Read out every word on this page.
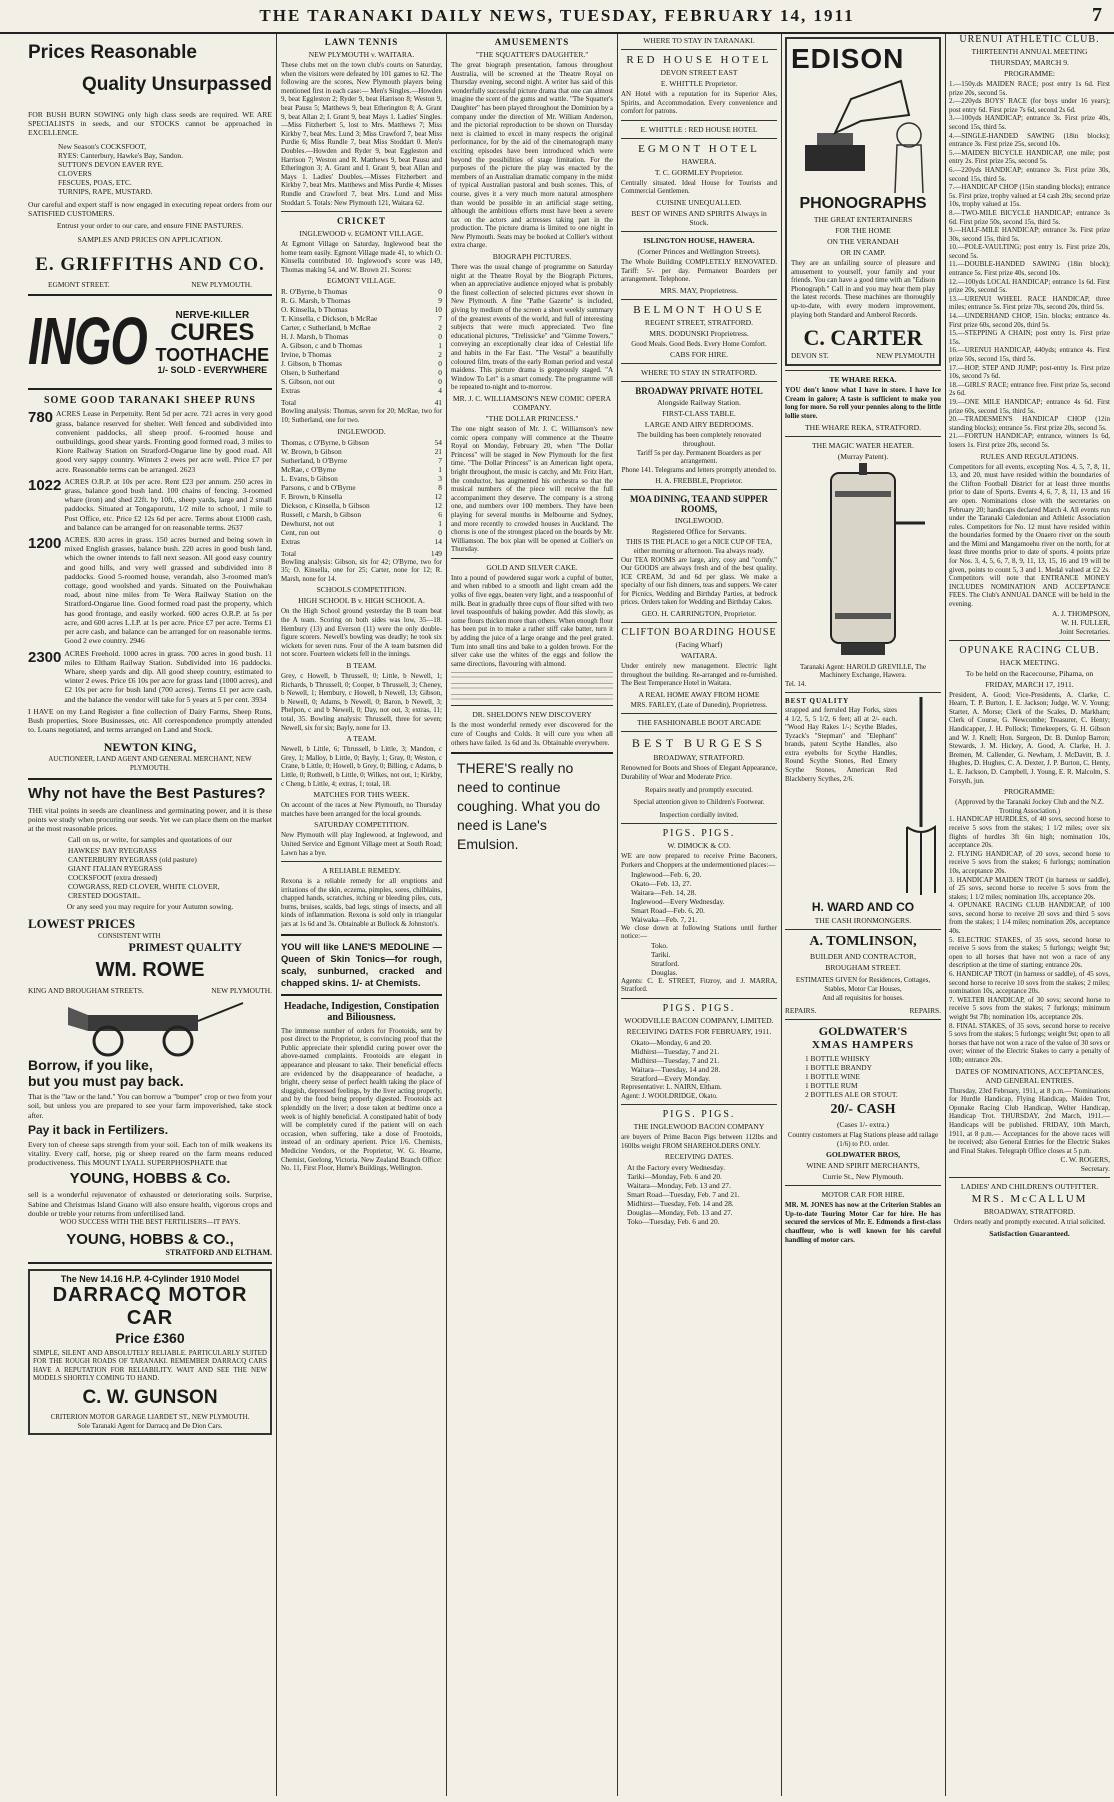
THE TARANAKI DAILY NEWS, TUESDAY, FEBRUARY 14, 1911	7
Prices Reasonable
Quality Unsurpassed

FOR BUSH BURN SOWING only high class seeds are required. WE ARE SPECIALISTS in seeds, and our STOCKS cannot be approached in EXCELLENCE.

New Season's COCKSFOOT,
RYES: Canterbury, Hawke's Bay, Sandon.
SUTTON'S DEVON EAVER RYE.
CLOVERS
FESCUES, POAS, ETC.
TURNIPS, RAPE, MUSTARD.

Our careful and expert staff is now engaged in executing repeat orders from our SATISFIED CUSTOMERS.

Entrust your order to our care, and ensure FINE PASTURES.

SAMPLES AND PRICES ON APPLICATION.

E. GRIFFITHS AND CO.
EGMONT STREET.	NEW PLYMOUTH.
INGO	NERVE-KILLER
CURES
TOOTHACHE
1/- SOLD - EVERYWHERE
SOME GOOD TARANAKI SHEEP RUNS
780 ACRES Lease in Perpetuity. Rent 5d per acre. 721 acres in very good grass, balance reserved for shelter. Well fenced and subdivided into convenient paddocks, all sheep proof. 6-roomed house and outbuildings, good shear yards. Fronting good formed road, 3 miles to Kiore Railway Station on Stratford-Ongarue line by good road. All good very sappy country. Winters 2 ewes per acre well. Price £7 per acre. Reasonable terms can be arranged. 2623

1022 ACRES O.R.P. at 10s per acre. Rent £23 per annum. 250 acres in grass, balance good bush land. 100 chains of fencing. 3-roomed whare (iron) and shed 22ft. by 10ft., sheep yards, large and 2 small paddocks. Situated at Tongaporutu, 1/2 mile to school, 1 mile to Post Office, etc. Price £2 12s 6d per acre. Terms about £1000 cash, and balance can be arranged for on reasonable terms. 2637

1200 ACRES. 830 acres in grass. 150 acres burned and being sown in mixed English grasses, balance bush. 220 acres in good bush land, which the owner intends to fall next season. All good easy country and good hills, and very well grassed and subdivided into 8 paddocks. Good 5-roomed house, verandah, also 3-roomed man's cottage, good woolshed and yards. Situated on the Pouiwhakau road, about nine miles from Te Wera Railway Station on the Stratford-Ongarue line. Good formed road past the property, which has good frontage, and easily worked. 600 acres O.R.P. at 5s per acre, and 600 acres L.I.P. at 1s per acre. Price £7 per acre. Terms £1 per acre cash, and balance can be arranged for on reasonable terms. Good 2 ewe country. 2946

2300 ACRES Freehold. 1000 acres in grass. 700 acres in good bush. 11 miles to Eltham Railway Station. Subdivided into 16 paddocks. Whare, sheep yards and dip. All good sheep country, estimated to winter 2 ewes. Price £6 10s per acre for grass land (1000 acres), and £2 10s per acre for bush land (700 acres). Terms £1 per acre cash, and the balance the vendor will take for 5 years at 5 per cent. 3934

I HAVE on my Land Register a fine collection of Dairy Farms, Sheep Runs, Bush properties, Store Businesses, etc. All correspondence promptly attended to. Loans negotiated, and terms arranged on Land and Stock.

NEWTON KING,

AUCTIONEER, LAND AGENT AND GENERAL MERCHANT, NEW PLYMOUTH.

Why not have the Best Pastures?

THE vital points in seeds are cleanliness and germinating power, and it is these points we study when procuring our seeds. Yet we can place them on the market at the most reasonable prices.

Call on us, or write, for samples and quotations of our

HAWKES' BAY RYEGRASS
CANTERBURY RYEGRASS (old pasture)
GIANT ITALIAN RYEGRASS
COCKSFOOT (extra dressed)
COWGRASS, RED CLOVER, WHITE CLOVER,
CRESTED DOGSTAIL.

Or any seed you may require for your Autumn sowing.

LOWEST PRICES
CONSISTENT WITH
PRIMEST QUALITY
WM. ROWE
KING AND BROUGHAM STREETS.	NEW PLYMOUTH.
Borrow, if you like,
but you must pay back.

That is the "law or the land." You can borrow a "bumper" crop or two from your soil, but unless you are prepared to see your farm impoverished, take stock after.

Pay it back in Fertilizers.

Every ton of cheese saps strength from your soil. Each ton of milk weakens its vitality. Every calf, horse, pig or sheep reared on the farm means reduced productiveness. This MOUNT LYALL SUPERPHOSPHATE that

YOUNG, HOBBS & Co.

sell is a wonderful rejuvenator of exhausted or deteriorating soils. Surprise, Sabine and Christmas Island Guano will also ensure health, vigorous crops and double or treble your returns from unfertilised land.

WOO SUCCESS WITH THE BEST FERTILISERS—IT PAYS.

YOUNG, HOBBS & CO.,
STRATFORD AND ELTHAM.
The New 14.16 H.P. 4-Cylinder 1910 Model
DARRACQ MOTOR CAR
Price £360

SIMPLE, SILENT AND ABSOLUTELY RELIABLE. PARTICULARLY SUITED FOR THE ROUGH ROADS OF TARANAKI. REMEMBER DARRACQ CARS HAVE A REPUTATION FOR RELIABILITY. WAIT AND SEE THE NEW MODELS SHORTLY COMING TO HAND.

C. W. GUNSON

CRITERION MOTOR GARAGE LIARDET ST., NEW PLYMOUTH.

Sole Taranaki Agent for Darracq and De Dion Cars.

LAWN TENNIS
NEW PLYMOUTH v. WAITARA.

These clubs met on the town club's courts on Saturday, when the visitors were defeated by 101 games to 62. The following are the scores, New Plymouth players being mentioned first in each case:— Men's Singles.—Howden 9, beat Eggleston 2; Ryder 9, beat Harrison 8; Weston 9, beat Pausu 5; Matthews 9, beat Etherington 8; A. Grant 9, beat Allan 2; I. Grant 9, beat Mays 1. Ladies' Singles.—Miss Fitzherbert 5, lost to Mrs. Matthews 7; Miss Kirkby 7, beat Mrs. Lund 3; Miss Crawford 7, beat Miss Purdie 6; Miss Rundle 7, beat Miss Stoddart 0. Men's Doubles.—Howden and Ryder 9, beat Eggleston and Harrison 7; Weston and R. Matthews 9, beat Pausu and Etherington 3; A. Grant and I. Grant 9, beat Allan and Mays 1. Ladies' Doubles.—Misses Fitzherbert and Kirkby 7, beat Mrs. Matthews and Miss Purdie 4; Misses Rundle and Crawford 7, beat Mrs. Lund and Miss Stoddart 5. Totals: New Plymouth 121, Waitara 62.

CRICKET
INGLEWOOD v. EGMONT VILLAGE.

At Egmont Village on Saturday, Inglewood beat the home team easily. Egmont Village made 41, to which O. Kinsella contributed 10. Inglewood's score was 149, Thomas making 54, and W. Brown 21. Scores:

EGMONT VILLAGE.
R. O'Byrne, b Thomas	0
R. G. Marsh, b Thomas	9
O. Kinsella, b Thomas	10
T. Kinsella, c Dickson, b McRae	7
Carter, c Sutherland, b McRae	2
H. J. Marsh, b Thomas	0
A. Gibson, c and b Thomas	1
Irvine, b Thomas	2
J. Gibson, b Thomas	0
Olsen, b Sutherland	0
S. Gibson, not out	0
Extras	4
Total	41

Bowling analysis: Thomas, seven for 20; McRae, two for 10; Sutherland, one for two.

INGLEWOOD.
Thomas, c O'Byrne, b Gibson	54
W. Brown, b Gibson	21
Sutherland, b O'Byrne	7
McRae, c O'Byrne	1
L. Evans, b Gibson	3
Parsons, c and b O'Byrne	8
F. Brown, b Kinsella	12
Dickson, c Kinsella, b Gibson	12
Russell, c Marsh, b Gibson	6
Dewhurst, not out	1
Cent, run out	0
Extras	14
Total	149

Bowling analysis: Gibson, six for 42; O'Byrne, two for 35; O. Kinsella, one for 25; Carter, none for 12; R. Marsh, none for 14.

SCHOOLS COMPETITION.
HIGH SCHOOL B v. HIGH SCHOOL A.

On the High School ground yesterday the B team beat the A team. Scoring on both sides was low, 35—18. Hembury (13) and Everson (11) were the only double-figure scorers. Newell's bowling was deadly; he took six wickets for seven runs. Four of the A team batsmen did not score. Fourteen wickets fell in the innings.

B TEAM.

Grey, c Howell, b Thrussell, 0; Little, b Newell, 1; Richards, b Thrussell, 0; Cooper, b Thrussell, 3; Cheney, b Newell, 1; Hembury, c Howell, b Newell, 13; Gibson, b Newell, 0; Adams, b Newell, 0; Baron, b Newell, 3; Phelpon, c and b Newell, 0; Day, not out, 3; extras, 11; total, 35. Bowling analysis: Thrussell, three for seven; Newell, six for six; Bayly, none for 13.

A TEAM.

Newell, b Little, 6; Thrussell, b Little, 3; Mandon, c Grey, 1; Malloy, b Little, 0; Bayly, 1; Gray, 0; Weston, c Crane, b Little, 0; Howell, b Grey, 0; Billing, c Adams, b Little, 0; Rothwell, b Little, 0; Wilkes, not out, 1; Kirkby, c Cheng, b Little, 4; extras, 1; total, 18.

MATCHES FOR THIS WEEK.

On account of the races at New Plymouth, no Thursday matches have been arranged for the local grounds.

SATURDAY COMPETITION.

New Plymouth will play Inglewood, at Inglewood, and United Service and Egmont Village meet at South Road; Lawn has a bye.

A RELIABLE REMEDY.

Rexona is a reliable remedy for all eruptions and irritations of the skin, eczema, pimples, sores, chilblains, chapped hands, scratches, itching or bleeding piles, cuts, burns, bruises, scalds, bad legs, stings of insects, and all kinds of inflammation. Rexona is sold only in triangular jars at 1s 6d and 3s. Obtainable at Bullock & Johnston's.

YOU will like LANE'S MEDOLINE — Queen of Skin Tonics—for rough, scaly, sunburned, cracked and chapped skins. 1/- at Chemists.

Headache, Indigestion, Constipation and Biliousness.

The immense number of orders for Frootoids, sent by post direct to the Proprietor, is convincing proof that the Public appreciate their splendid curing power over the above-named complaints. Frootoids are elegant in appearance and pleasant to take. Their beneficial effects are evidenced by the disappearance of headache, a bright, cheery sense of perfect health taking the place of sluggish, depressed feelings, by the liver acting properly, and by the food being properly digested. Frootoids act splendidly on the liver; a dose taken at bedtime once a week is of highly beneficial. A constipated habit of body will be completely cured if the patient will on each occasion, when suffering, take a dose of Frootoids, instead of an ordinary aperient. Price 1/6. Chemists, Medicine Vendors, or the Proprietor, W. G. Hearne, Chemist, Geelong, Victoria. New Zealand Branch Office: No. 11, First Floor, Hume's Buildings, Wellington.

AMUSEMENTS
"THE SQUATTER'S DAUGHTER."

The great biograph presentation, famous throughout Australia, will be screened at the Theatre Royal on Thursday evening, second night. A writer has said of this wonderfully successful picture drama that one can almost imagine the scent of the gums and wattle. "The Squatter's Daughter" has been played throughout the Dominion by a company under the direction of Mr. William Anderson, and the pictorial reproduction to be shown on Thursday next is claimed to excel in many respects the original performance, for by the aid of the cinematograph many exciting episodes have been introduced which were beyond the possibilities of stage limitation. For the purposes of the picture the play was enacted by the members of an Australian dramatic company in the midst of typical Australian pastoral and bush scenes. This, of course, gives it a very much more natural atmosphere than would be possible in an artificial stage setting, although the ambitious efforts must have been a severe tax on the actors and actresses taking part in the production. The picture drama is limited to one night in New Plymouth. Seats may be booked at Collier's without extra charge.

BIOGRAPH PICTURES.

There was the usual change of programme on Saturday night at the Theatre Royal by the Biograph Pictures, when an appreciative audience enjoyed what is probably the finest collection of selected pictures ever shown in New Plymouth. A fine "Pathe Gazette" is included, giving by medium of the screen a short weekly summary of the greatest events of the world, and full of interesting subjects that were much appreciated. Two fine educational pictures, "Trelissicke" and "Gimme Towers," conveying an exceptionally clear idea of Celestial life and habits in the Far East. "The Vestal" a beautifully coloured film, treats of the early Roman period and vestal maidens. This picture drama is gorgeously staged. "A Window To Let" is a smart comedy. The programme will be repeated to-night and to-morrow.

MR. J. C. WILLIAMSON'S NEW COMIC OPERA COMPANY.
"THE DOLLAR PRINCESS."

The one night season of Mr. J. C. Williamson's new comic opera company will commence at the Theatre Royal on Monday, February 20, when "The Dollar Princess" will be staged in New Plymouth for the first time. "The Dollar Princess" is an American light opera, bright throughout, the music is catchy, and Mr. Fritz Hart, the conductor, has augmented his orchestra so that the musical numbers of the piece will receive the full accompaniment they deserve. The company is a strong one, and numbers over 100 members. They have been playing for several months in Melbourne and Sydney, and more recently to crowded houses in Auckland. The chorus is one of the strongest placed on the boards by Mr. Williamson. The box plan will be opened at Collier's on Thursday.

GOLD AND SILVER CAKE.

Into a pound of powdered sugar work a cupful of butter, and when rubbed to a smooth and light cream add the yolks of five eggs, beaten very light, and a teaspoonful of milk. Beat in gradually three cups of flour sifted with two level teaspoonfuls of baking powder. Add this slowly, as some flours thicken more than others. When enough flour has been put in to make a rather stiff cake batter, turn it by adding the juice of a large orange and the peel grated. Turn into small tins and bake to a golden brown. For the silver cake use the whites of the eggs and follow the same directions, flavouring with almond.

DR. SHELDON'S NEW DISCOVERY

Is the most wonderful remedy ever discovered for the cure of Coughs and Colds. It will cure you when all others have failed. 1s 6d and 3s. Obtainable everywhere.

THERE'S really no need to continue coughing. What you do need is Lane's Emulsion.

WHERE TO STAY IN TARANAKI.
RED HOUSE HOTEL
DEVON STREET EAST
E. WHITTLE Proprietor.

AN Hotel with a reputation for its Superior Ales, Spirits, and Accommodation. Every convenience and comfort for patrons.

E. WHITTLE : RED HOUSE HOTEL
EGMONT HOTEL
HAWERA.
T. C. GORMLEY Proprietor.

Centrally situated. Ideal House for Tourists and Commercial Gentlemen.

CUISINE UNEQUALLED.
BEST OF WINES AND SPIRITS Always in Stock.
ISLINGTON HOUSE, HAWERA.
(Corner Princes and Wellington Streets).

The Whole Building COMPLETELY RENOVATED. Tariff: 5/- per day. Permanent Boarders per arrangement. Telephone.

MRS. MAY, Proprietress.
BELMONT HOUSE
REGENT STREET, STRATFORD.
MRS. DODUNSKI Proprietress.

Good Meals. Good Beds. Every Home Comfort.

CABS FOR HIRE.
WHERE TO STAY IN STRATFORD.
BROADWAY PRIVATE HOTEL
Alongside Railway Station.
FIRST-CLASS TABLE.
LARGE AND AIRY BEDROOMS.

The building has been completely renovated throughout.

Tariff 5s per day. Permanent Boarders as per arrangement.

Phone 141. Telegrams and letters promptly attended to.

H. A. FREBBLE, Proprietor.
MOA DINING, TEA AND SUPPER ROOMS,
INGLEWOOD.
Registered Office for Servants.

THIS IS THE PLACE to get a NICE CUP OF TEA, either morning or afternoon. Tea always ready.

Our TEA ROOMS are large, airy, cosy and "comfy." Our GOODS are always fresh and of the best quality. ICE CREAM, 3d and 6d per glass. We make a specialty of our fish dinners, teas and suppers. We cater for Picnics, Wedding and Birthday Parties, at bedrock prices. Orders taken for Wedding and Birthday Cakes.

GEO. H. CARRINGTON, Proprietor.
CLIFTON BOARDING HOUSE
(Facing Wharf)
WAITARA.

Under entirely new management. Electric light throughout the building. Re-arranged and re-furnished. The Best Temperance Hotel in Waitara.

A REAL HOME AWAY FROM HOME

MRS. FARLEY, (Late of Dunedin), Proprietress.

THE FASHIONABLE BOOT ARCADE
BEST BURGESS
BROADWAY, STRATFORD.

Renowned for Boots and Shoes of Elegant Appearance, Durability of Wear and Moderate Price.

Repairs neatly and promptly executed.

Special attention given to Children's Footwear.

Inspection cordially invited.

PIGS. PIGS.
W. DIMOCK & CO.

WE are now prepared to receive Prime Baconers, Porkers and Choppers at the undermentioned places:—

Inglewood—Feb. 6, 20.
Okato—Feb. 13, 27.
Waitara—Feb. 14, 28.
Inglewood—Every Wednesday.
Smart Road—Feb. 6, 20.
Waiwaka—Feb. 7, 21.

We close down at following Stations until further notice:—

Toko.
Tariki.
Stratford.
Douglas.

Agents: C. E. STREET, Fitzroy, and J. MARRA, Stratford.

PIGS. PIGS.
WOODVILLE BACON COMPANY, LIMITED.
RECEIVING DATES FOR FEBRUARY, 1911.
Okato—Monday, 6 and 20.
Midhirst—Tuesday, 7 and 21.
Midhirst—Tuesday, 7 and 21.
Waitara—Tuesday, 14 and 28.
Stratford—Every Monday.

Representative: L. NAIRN, Eltham.

Agent: J. WOOLDRIDGE, Okato.

PIGS. PIGS.
THE INGLEWOOD BACON COMPANY

are buyers of Prime Bacon Pigs between 112lbs and 160lbs weight FROM SHAREHOLDERS ONLY.

RECEIVING DATES.
At the Factory every Wednesday.
Tariki—Monday, Feb. 6 and 20.
Waitara—Monday, Feb. 13 and 27.
Smart Road—Tuesday, Feb. 7 and 21.
Midhirst—Tuesday, Feb. 14 and 28.
Douglas—Monday, Feb. 13 and 27.
Toko—Tuesday, Feb. 6 and 20.
EDISON
PHONOGRAPHS
THE GREAT ENTERTAINERS
FOR THE HOME
ON THE VERANDAH
OR IN CAMP.

They are an unfailing source of pleasure and amusement to yourself, your family and your friends. You can have a good time with an "Edison Phonograph." Call in and you may hear them play the latest records. These machines are thoroughly up-to-date, with every modern improvement, playing both Standard and Amberol Records.

C. CARTER
DEVON ST.	NEW PLYMOUTH
TE WHARE REKA.

YOU don't know what I have in store. I have Ice Cream in galore; A taste is sufficient to make you long for more. So roll your pennies along to the little lollie store.

THE WHARE REKA, STRATFORD.
THE MAGIC WATER HEATER.
(Murray Patent).

Taranaki Agent: HAROLD GREVILLE, The Machinery Exchange, Hawera.

Tel. 14.
BEST QUALITY

strapped and ferruled Hay Forks, sizes 4 1/2, 5, 5 1/2, 6 feet; all at 2/- each. "Wood Hay Rakes 1/-; Scythe Blades, Tyzack's "Stepman" and "Elephant" brands, patent Scythe Handles, also extra eyebolts for Scythe Handles, Round Scythe Stones, Red Emery Scythe Stones, American Red Blackberry Scythes, 2/6.

H. WARD AND CO
THE CASH IRONMONGERS.
A. TOMLINSON,
BUILDER AND CONTRACTOR,
BROUGHAM STREET.

ESTIMATES GIVEN for Residences, Cottages, Stables, Motor Car Houses,

And all requisites for houses.

REPAIRS.	REPAIRS.
GOLDWATER'S
XMAS HAMPERS
1 BOTTLE WHISKY
1 BOTTLE BRANDY
1 BOTTLE WINE
1 BOTTLE RUM
2 BOTTLES ALE OR STOUT.
20/- CASH
(Cases 1/- extra.)

Country customers at Flag Stations please add railage (1/6) to P.O. order.

GOLDWATER BROS,
WINE AND SPIRIT MERCHANTS,
Currie St., New Plymouth.
MOTOR CAR FOR HIRE.

MR. M. JONES has now at the Criterion Stables an Up-to-date Touring Motor Car for hire. He has secured the services of Mr. E. Edmonds a first-class chauffeur, who is well known for his careful handling of motor cars.

URENUI ATHLETIC CLUB.
THIRTEENTH ANNUAL MEETING
THURSDAY, MARCH 9.
PROGRAMME:

1.—150y.ds MAIDEN RACE; post entry 1s 6d. First prize 20s, second 5s.

2.—220yds BOYS' RACE (for boys under 16 years); post entry 6d. First prize 7s 6d, second 2s 6d.

3.—100yds HANDICAP; entrance 3s. First prize 40s, second 15s, third 5s.

4.—SINGLE-HANDED SAWING (18in blocks); entrance 3s. First prize 25s, second 10s.

5.—MAIDEN BICYCLE HANDICAP, one mile; post entry 2s. First prize 25s, second 5s.

6.—220yds HANDICAP; entrance 3s. First prize 30s, second 15s, third 5s.

7.—HANDICAP CHOP (15in standing blocks); entrance 5s. First prize, trophy valued at £4 cash 20s; second prize 10s, trophy valued at 15s.

8.—TWO-MILE BICYCLE HANDICAP; entrance 3s 6d. First prize 50s, second 15s, third 5s.

9.—HALF-MILE HANDICAP; entrance 3s. First prize 30s, second 15s, third 5s.

10.—POLE-VAULTING; post entry 1s. First prize 20s, second 5s.

11.—DOUBLE-HANDED SAWING (18in block); entrance 5s. First prize 40s, second 10s.

12.—100yds LOCAL HANDICAP; entrance 1s 6d. First prize 20s, second 5s.

13.—URENUI WHEEL RACE HANDICAP, three miles; entrance 5s. First prize 70s, second 20s, third 5s.

14.—UNDERHAND CHOP, 15in. blocks; entrance 4s. First prize 60s, second 20s, third 5s.

15.—STEPPING A CHAIN; post entry 1s. First prize 15s.

16.—URENUI HANDICAP, 440yds; entrance 4s. First prize 50s, second 15s, third 5s.

17.—HOP, STEP AND JUMP; post-entry 1s. First prize 10s, second 7s 6d.

18.—GIRLS' RACE; entrance free. First prize 5s, second 2s 6d.

19.—ONE MILE HANDICAP; entrance 4s 6d. First prize 60s, second 15s, third 5s.

20.—TRADESMEN'S HANDICAP CHOP (12in standing blocks); entrance 5s. First prize 20s, second 5s.

21.—FORTUN HANDICAP; entrance, winners 1s 6d, losers 1s. First prize 20s, second 5s.

RULES AND REGULATIONS.

Competitors for all events, excepting Nos. 4, 5, 7, 8, 11, 13, and 20, must have resided within the boundaries of the Clifton Football District for at least three months prior to date of Sports. Events 4, 6, 7, 8, 11, 13 and 16 are open. Nominations close with the secretaries on February 20; handicaps declared March 4. All events run under the Taranaki Caledonian and Athletic Association rules. Competitors for No. 12 must have resided within the boundaries formed by the Onaero river on the south and the Mimi and Mangamoehu river on the north, for at least three months prior to date of sports. 4 points prize for Nos. 3, 4, 5, 6, 7, 8, 9, 11, 13, 15, 16 and 19 will be given, points to count 5, 3 and 1. Medal valued at £2 2s. Competitors will note that ENTRANCE MONEY INCLUDES NOMINATION AND ACCEPTANCE FEES. The Club's ANNUAL DANCE will be held in the evening.

A. J. THOMPSON,
W. H. FULLER,
Joint Secretaries.
OPUNAKE RACING CLUB.
HACK MEETING.
To be held on the Racecourse, Pihama, on
FRIDAY, MARCH 17, 1911.

President, A. Good; Vice-Presidents, A. Clarke, C. Hearn, T. P. Burton, I. E. Jackson; Judge, W. V. Young; Starter, A. Morse; Clerk of the Scales, D. Markham; Clerk of Course, G. Newcombe; Treasurer, C. Henty; Handicapper, J. H. Pollock; Timekeepers, G. H. Gibson and W. J. Knell; Hon. Surgeon, Dr. B. Dunlop Barron; Stewards, J. M. Hickey, A. Good, A. Clarke, H. J. Bremen, M. Callender, G. Newham, J. McDavitt, B. J. Hughes, D. Hughes, C. A. Dexter, J. P. Burton, C. Henty, L. E. Jackson, D. Campbell, J. Young, E. R. Malcolm, S. Forsyth, jun.

PROGRAMME:

(Approved by the Taranaki Jockey Club and the N.Z. Trotting Association.)

1. HANDICAP HURDLES, of 40 sovs, second horse to receive 5 sovs from the stakes; 1 1/2 miles; over six flights of hurdles 3ft 6in high; nomination 10s, acceptance 20s.

2. FLYING HANDICAP, of 20 sovs, second horse to receive 5 sovs from the stakes; 6 furlongs; nomination 10s, acceptance 20s.

3. HANDICAP MAIDEN TROT (in harness or saddle), of 25 sovs, second horse to receive 5 sovs from the stakes; 1 1/2 miles; nomination 10s, acceptance 20s.

4. OPUNAKE RACING CLUB HANDICAP, of 100 sovs, second horse to receive 20 sovs and third 5 sovs from the stakes; 1 1/4 miles; nomination 20s, acceptance 40s.

5. ELECTRIC STAKES, of 35 sovs, second horse to receive 5 sovs from the stakes; 5 furlongs; weight 9st; open to all horses that have not won a race of any description at the time of starting; entrance 20s.

6. HANDICAP TROT (in harness or saddle), of 45 sovs, second horse to receive 10 sovs from the stakes; 2 miles; nomination 10s, acceptance 20s.

7. WELTER HANDICAP, of 30 sovs; second horse to receive 5 sovs from the stakes; 7 furlongs; minimum weight 9st 7lb; nomination 10s, acceptance 20s.

8. FINAL STAKES, of 35 sovs, second horse to receive 5 sovs from the stakes; 5 furlongs; weight 9st; open to all horses that have not won a race of the value of 30 sovs or over; winner of the Electric Stakes to carry a penalty of 10lb; entrance 20s.

DATES OF NOMINATIONS, ACCEPTANCES, AND GENERAL ENTRIES.

Thursday, 23rd February, 1911, at 8 p.m.— Nominations for Hurdle Handicap, Flying Handicap, Maiden Trot, Opunake Racing Club Handicap, Welter Handicap, Handicap Trot. THURSDAY, 2nd March, 1911.—Handicaps will be published. FRIDAY, 10th March, 1911, at 8 p.m.— Acceptances for the above races will be received; also General Entries for the Electric Stakes and Final Stakes. Telegraph Office closes at 5 p.m.

C. W. ROGERS,
Secretary.
LADIES' AND CHILDREN'S OUTFITTER.
MRS. McCALLUM
BROADWAY, STRATFORD.

Orders neatly and promptly executed. A trial solicited.

Satisfaction Guaranteed.
